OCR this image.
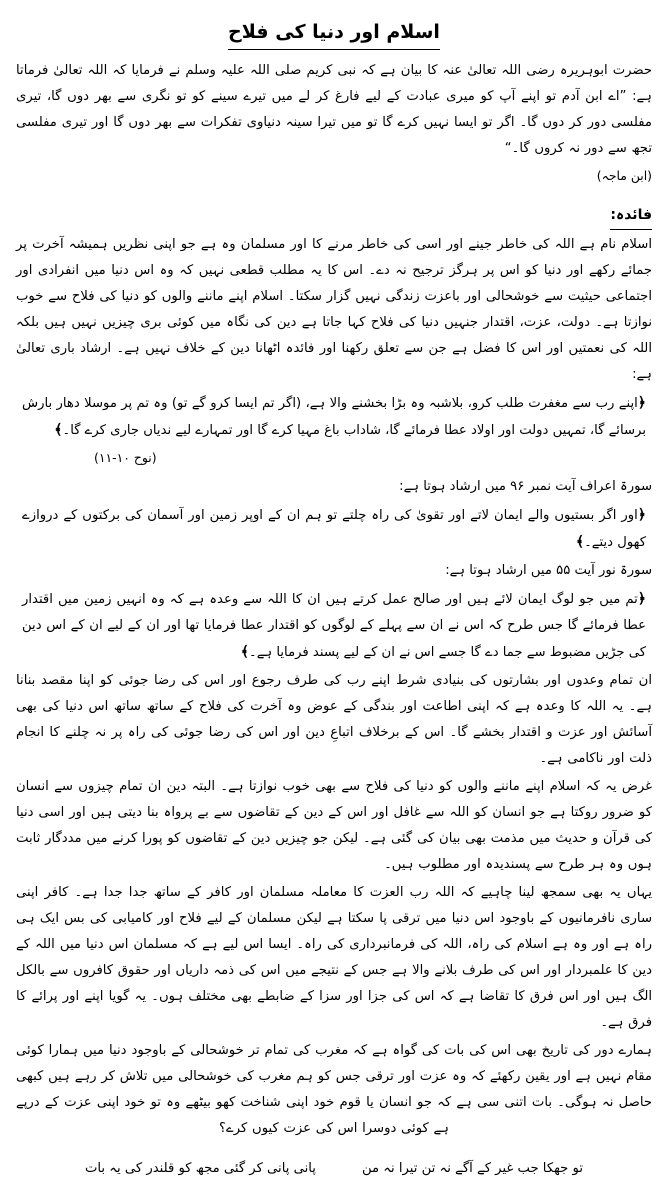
اسلام اور دنیا کی فلاح

حضرت ابوہریرہ رضی اللہ تعالیٰ عنہ کا بیان ہے کہ نبی کریم صلی اللہ علیہ وسلم نے فرمایا کہ اللہ تعالیٰ فرماتا ہے: ”اے ابن آدم تو اپنے آپ کو میری عبادت کے لیے فارغ کر لے میں تیرے سینے کو تو نگری سے بھر دوں گا، تیری مفلسی دور کر دوں گا۔ اگر تو ایسا نہیں کرے گا تو میں تیرا سینہ دنیاوی تفکرات سے بھر دوں گا اور تیری مفلسی تجھ سے دور نہ کروں گا۔“

(ابن ماجہ)

فائدہ:

اسلام نام ہے اللہ کی خاطر جینے اور اسی کی خاطر مرنے کا اور مسلمان وہ ہے جو اپنی نظریں ہمیشہ آخرت پر جمائے رکھے اور دنیا کو اس پر ہرگز ترجیح نہ دے۔ اس کا یہ مطلب قطعی نہیں کہ وہ اس دنیا میں انفرادی اور اجتماعی حیثیت سے خوشحالی اور باعزت زندگی نہیں گزار سکتا۔ اسلام اپنے ماننے والوں کو دنیا کی فلاح سے خوب نوازتا ہے۔ دولت، عزت، اقتدار جنہیں دنیا کی فلاح کہا جاتا ہے دین کی نگاہ میں کوئی بری چیزیں نہیں ہیں بلکہ اللہ کی نعمتیں اور اس کا فضل ہے جن سے تعلق رکھنا اور فائدہ اٹھانا دین کے خلاف نہیں ہے۔ ارشاد باری تعالیٰ ہے:

﴿اپنے رب سے مغفرت طلب کرو، بلاشبہ وہ بڑا بخشنے والا ہے، (اگر تم ایسا کرو گے تو) وہ تم پر موسلا دھار بارش برسائے گا، تمہیں دولت اور اولاد عطا فرمائے گا، شاداب باغ مہیا کرے گا اور تمہارے لیے ندیاں جاری کرے گا۔﴾

(نوح ۱۰-۱۱)

سورۃ اعراف آیت نمبر ۹۶ میں ارشاد ہوتا ہے:

﴿اور اگر بستیوں والے ایمان لاتے اور تقویٰ کی راہ چلتے تو ہم ان کے اوپر زمین اور آسمان کی برکتوں کے دروازے کھول دیتے۔﴾

سورۃ نور آیت ۵۵ میں ارشاد ہوتا ہے:

﴿تم میں جو لوگ ایمان لائے ہیں اور صالح عمل کرتے ہیں ان کا اللہ سے وعدہ ہے کہ وہ انہیں زمین میں اقتدار عطا فرمائے گا جس طرح کہ اس نے ان سے پہلے کے لوگوں کو اقتدار عطا فرمایا تھا اور ان کے لیے ان کے اس دین کی جڑیں مضبوط سے جما دے گا جسے اس نے ان کے لیے پسند فرمایا ہے۔﴾

ان تمام وعدوں اور بشارتوں کی بنیادی شرط اپنے رب کی طرف رجوع اور اس کی رضا جوئی کو اپنا مقصد بنانا ہے۔ یہ اللہ کا وعدہ ہے کہ اپنی اطاعت اور بندگی کے عوض وہ آخرت کی فلاح کے ساتھ ساتھ اس دنیا کی بھی آسائش اور عزت و اقتدار بخشے گا۔ اس کے برخلاف اتباعِ دین اور اس کی رضا جوئی کی راہ پر نہ چلنے کا انجام ذلت اور ناکامی ہے۔

غرض یہ کہ اسلام اپنے ماننے والوں کو دنیا کی فلاح سے بھی خوب نوازتا ہے۔ البتہ دین ان تمام چیزوں سے انسان کو ضرور روکتا ہے جو انسان کو اللہ سے غافل اور اس کے دین کے تقاضوں سے بے پرواہ بنا دیتی ہیں اور اسی دنیا کی قرآن و حدیث میں مذمت بھی بیان کی گئی ہے۔ لیکن جو چیزیں دین کے تقاضوں کو پورا کرنے میں مددگار ثابت ہوں وہ ہر طرح سے پسندیدہ اور مطلوب ہیں۔

یہاں یہ بھی سمجھ لینا چاہیے کہ اللہ رب العزت کا معاملہ مسلمان اور کافر کے ساتھ جدا جدا ہے۔ کافر اپنی ساری نافرمانیوں کے باوجود اس دنیا میں ترقی پا سکتا ہے لیکن مسلمان کے لیے فلاح اور کامیابی کی بس ایک ہی راہ ہے اور وہ ہے اسلام کی راہ، اللہ کی فرمانبرداری کی راہ۔ ایسا اس لیے ہے کہ مسلمان اس دنیا میں اللہ کے دین کا علمبردار اور اس کی طرف بلانے والا ہے جس کے نتیجے میں اس کی ذمہ داریاں اور حقوق کافروں سے بالکل الگ ہیں اور اس فرق کا تقاضا ہے کہ اس کی جزا اور سزا کے ضابطے بھی مختلف ہوں۔ یہ گویا اپنے اور پرائے کا فرق ہے۔

ہمارے دور کی تاریخ بھی اس کی بات کی گواہ ہے کہ مغرب کی تمام تر خوشحالی کے باوجود دنیا میں ہمارا کوئی مقام نہیں ہے اور یقین رکھئے کہ وہ عزت اور ترقی جس کو ہم مغرب کی خوشحالی میں تلاش کر رہے ہیں کبھی حاصل نہ ہوگی۔ بات اتنی سی ہے کہ جو انسان یا قوم خود اپنی شناخت کھو بیٹھے وہ تو خود اپنی عزت کے درپے ہے کوئی دوسرا اس کی عزت کیوں کرے؟

تو جھکا جب غیر کے آگے نہ تن تیرا نہ من
پانی پانی کر گئی مجھ کو قلندر کی یہ بات
